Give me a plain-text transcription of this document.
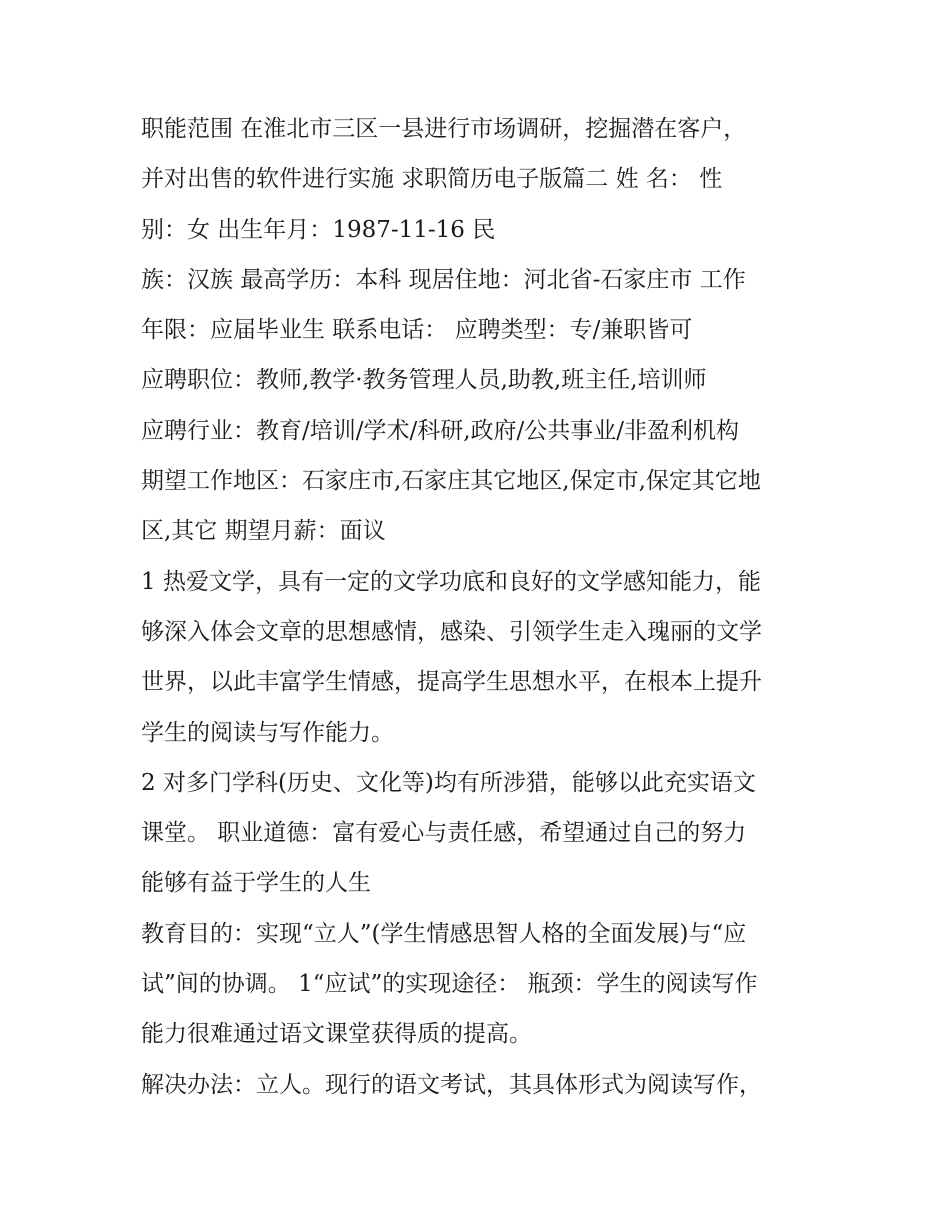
职能范围 在淮北市三区一县进行市场调研，挖掘潜在客户，
并对出售的软件进行实施 求职简历电子版篇二 姓 名： 性
别：女 出生年月：1987-11-16 民
族：汉族 最高学历：本科 现居住地：河北省-石家庄市 工作
年限：应届毕业生 联系电话： 应聘类型：专/兼职皆可
应聘职位：教师,教学·教务管理人员,助教,班主任,培训师
应聘行业：教育/培训/学术/科研,政府/公共事业/非盈利机构
期望工作地区：石家庄市,石家庄其它地区,保定市,保定其它地
区,其它 期望月薪：面议
1 热爱文学，具有一定的文学功底和良好的文学感知能力，能
够深入体会文章的思想感情，感染、引领学生走入瑰丽的文学
世界，以此丰富学生情感，提高学生思想水平，在根本上提升
学生的阅读与写作能力。
2 对多门学科(历史、文化等)均有所涉猎，能够以此充实语文
课堂。 职业道德：富有爱心与责任感，希望通过自己的努力
能够有益于学生的人生
教育目的：实现“立人”(学生情感思智人格的全面发展)与“应
试”间的协调。 1“应试”的实现途径： 瓶颈：学生的阅读写作
能力很难通过语文课堂获得质的提高。
解决办法：立人。现行的语文考试，其具体形式为阅读写作，
